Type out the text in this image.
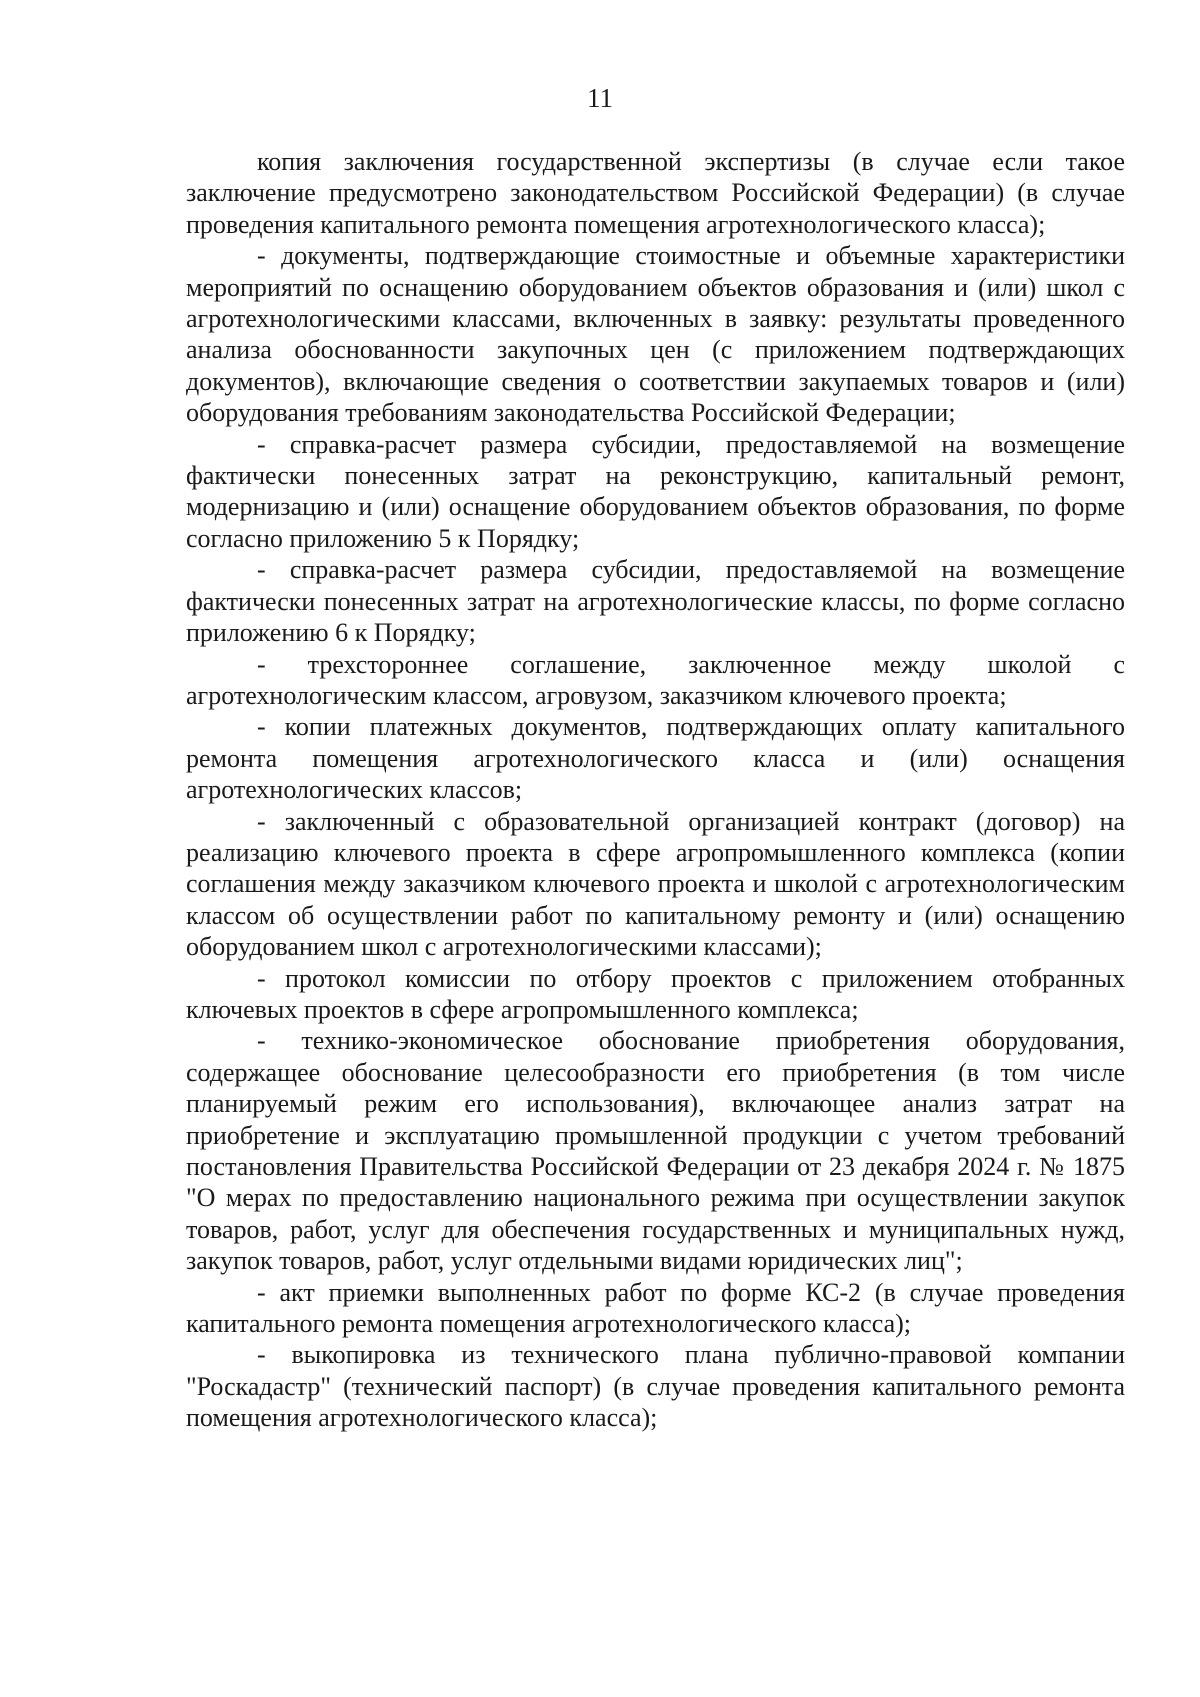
11

копия заключения государственной экспертизы (в случае если такое заключение предусмотрено законодательством Российской Федерации) (в случае проведения капитального ремонта помещения агротехнологического класса);

- документы, подтверждающие стоимостные и объемные характеристики мероприятий по оснащению оборудованием объектов образования и (или) школ с агротехнологическими классами, включенных в заявку: результаты проведенного анализа обоснованности закупочных цен (с приложением подтверждающих документов), включающие сведения о соответствии закупаемых товаров и (или) оборудования требованиям законодательства Российской Федерации;

- справка-расчет размера субсидии, предоставляемой на возмещение фактически понесенных затрат на реконструкцию, капитальный ремонт, модернизацию и (или) оснащение оборудованием объектов образования, по форме согласно приложению 5 к Порядку;

- справка-расчет размера субсидии, предоставляемой на возмещение фактически понесенных затрат на агротехнологические классы, по форме согласно приложению 6 к Порядку;

- трехстороннее соглашение, заключенное между школой с агротехнологическим классом, агровузом, заказчиком ключевого проекта;

- копии платежных документов, подтверждающих оплату капитального ремонта помещения агротехнологического класса и (или) оснащения агротехнологических классов;

- заключенный с образовательной организацией контракт (договор) на реализацию ключевого проекта в сфере агропромышленного комплекса (копии соглашения между заказчиком ключевого проекта и школой с агротехнологическим классом об осуществлении работ по капитальному ремонту и (или) оснащению оборудованием школ с агротехнологическими классами);

- протокол комиссии по отбору проектов с приложением отобранных ключевых проектов в сфере агропромышленного комплекса;

- технико-экономическое обоснование приобретения оборудования, содержащее обоснование целесообразности его приобретения (в том числе планируемый режим его использования), включающее анализ затрат на приобретение и эксплуатацию промышленной продукции с учетом требований постановления Правительства Российской Федерации от 23 декабря 2024 г. № 1875 "О мерах по предоставлению национального режима при осуществлении закупок товаров, работ, услуг для обеспечения государственных и муниципальных нужд, закупок товаров, работ, услуг отдельными видами юридических лиц";

- акт приемки выполненных работ по форме КС-2 (в случае проведения капитального ремонта помещения агротехнологического класса);

- выкопировка из технического плана публично-правовой компании "Роскадастр" (технический паспорт) (в случае проведения капитального ремонта помещения агротехнологического класса);
